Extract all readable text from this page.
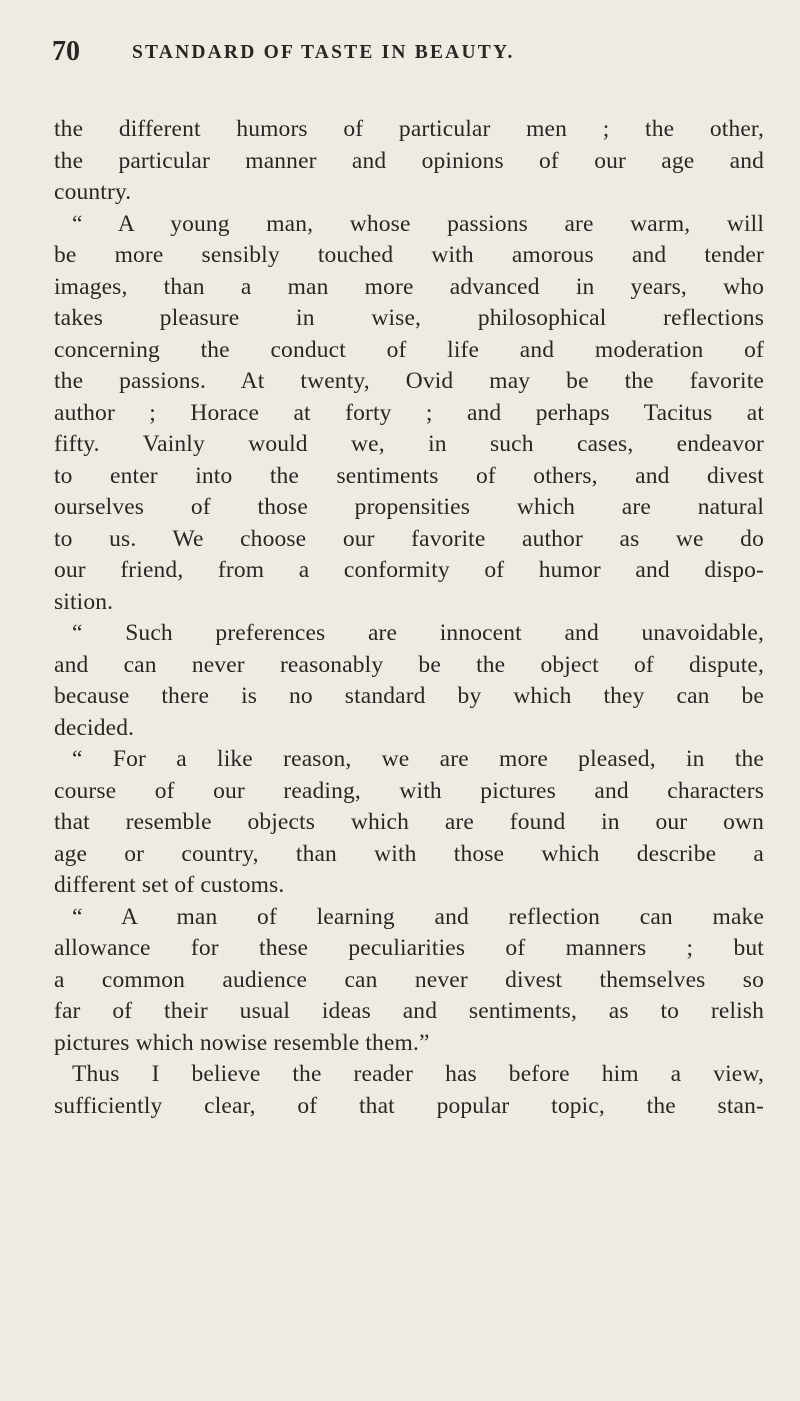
70	STANDARD OF TASTE IN BEAUTY.
the different humors of particular men ; the other,
the particular manner and opinions of our age and
country.
“ A young man, whose passions are warm, will
be more sensibly touched with amorous and tender
images, than a man more advanced in years, who
takes pleasure in wise, philosophical reflections
concerning the conduct of life and moderation of
the passions. At twenty, Ovid may be the favorite
author ; Horace at forty ; and perhaps Tacitus at
fifty. Vainly would we, in such cases, endeavor
to enter into the sentiments of others, and divest
ourselves of those propensities which are natural
to us. We choose our favorite author as we do
our friend, from a conformity of humor and dispo-
sition.
“ Such preferences are innocent and unavoidable,
and can never reasonably be the object of dispute,
because there is no standard by which they can be
decided.
“ For a like reason, we are more pleased, in the
course of our reading, with pictures and characters
that resemble objects which are found in our own
age or country, than with those which describe a
different set of customs.
“ A man of learning and reflection can make
allowance for these peculiarities of manners ; but
a common audience can never divest themselves so
far of their usual ideas and sentiments, as to relish
pictures which nowise resemble them.”
Thus I believe the reader has before him a view,
sufficiently clear, of that popular topic, the stan-
